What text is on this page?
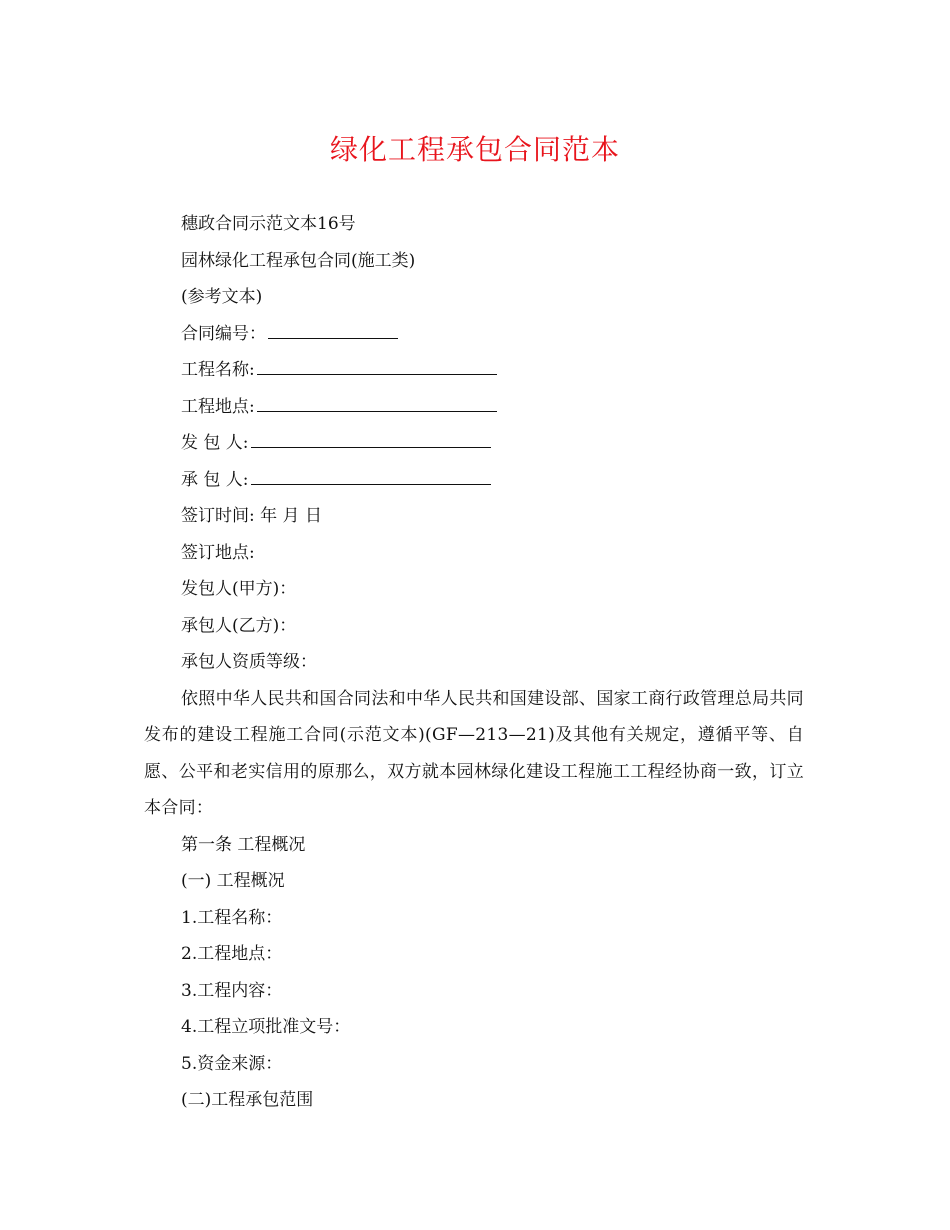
绿化工程承包合同范本
穗政合同示范文本16号
园林绿化工程承包合同(施工类)
(参考文本)
合同编号：
工程名称:
工程地点:
发 包 人:
承 包 人:
签订时间: 年 月 日
签订地点:
发包人(甲方)：
承包人(乙方)：
承包人资质等级：
依照中华人民共和国合同法和中华人民共和国建设部、国家工商行政管理总局共同发布的建设工程施工合同(示范文本)(GF—213—21)及其他有关规定，遵循平等、自愿、公平和老实信用的原那么，双方就本园林绿化建设工程施工工程经协商一致，订立本合同：
第一条 工程概况
(一) 工程概况
1.工程名称：
2.工程地点：
3.工程内容：
4.工程立项批准文号：
5.资金来源：
(二)工程承包范围
